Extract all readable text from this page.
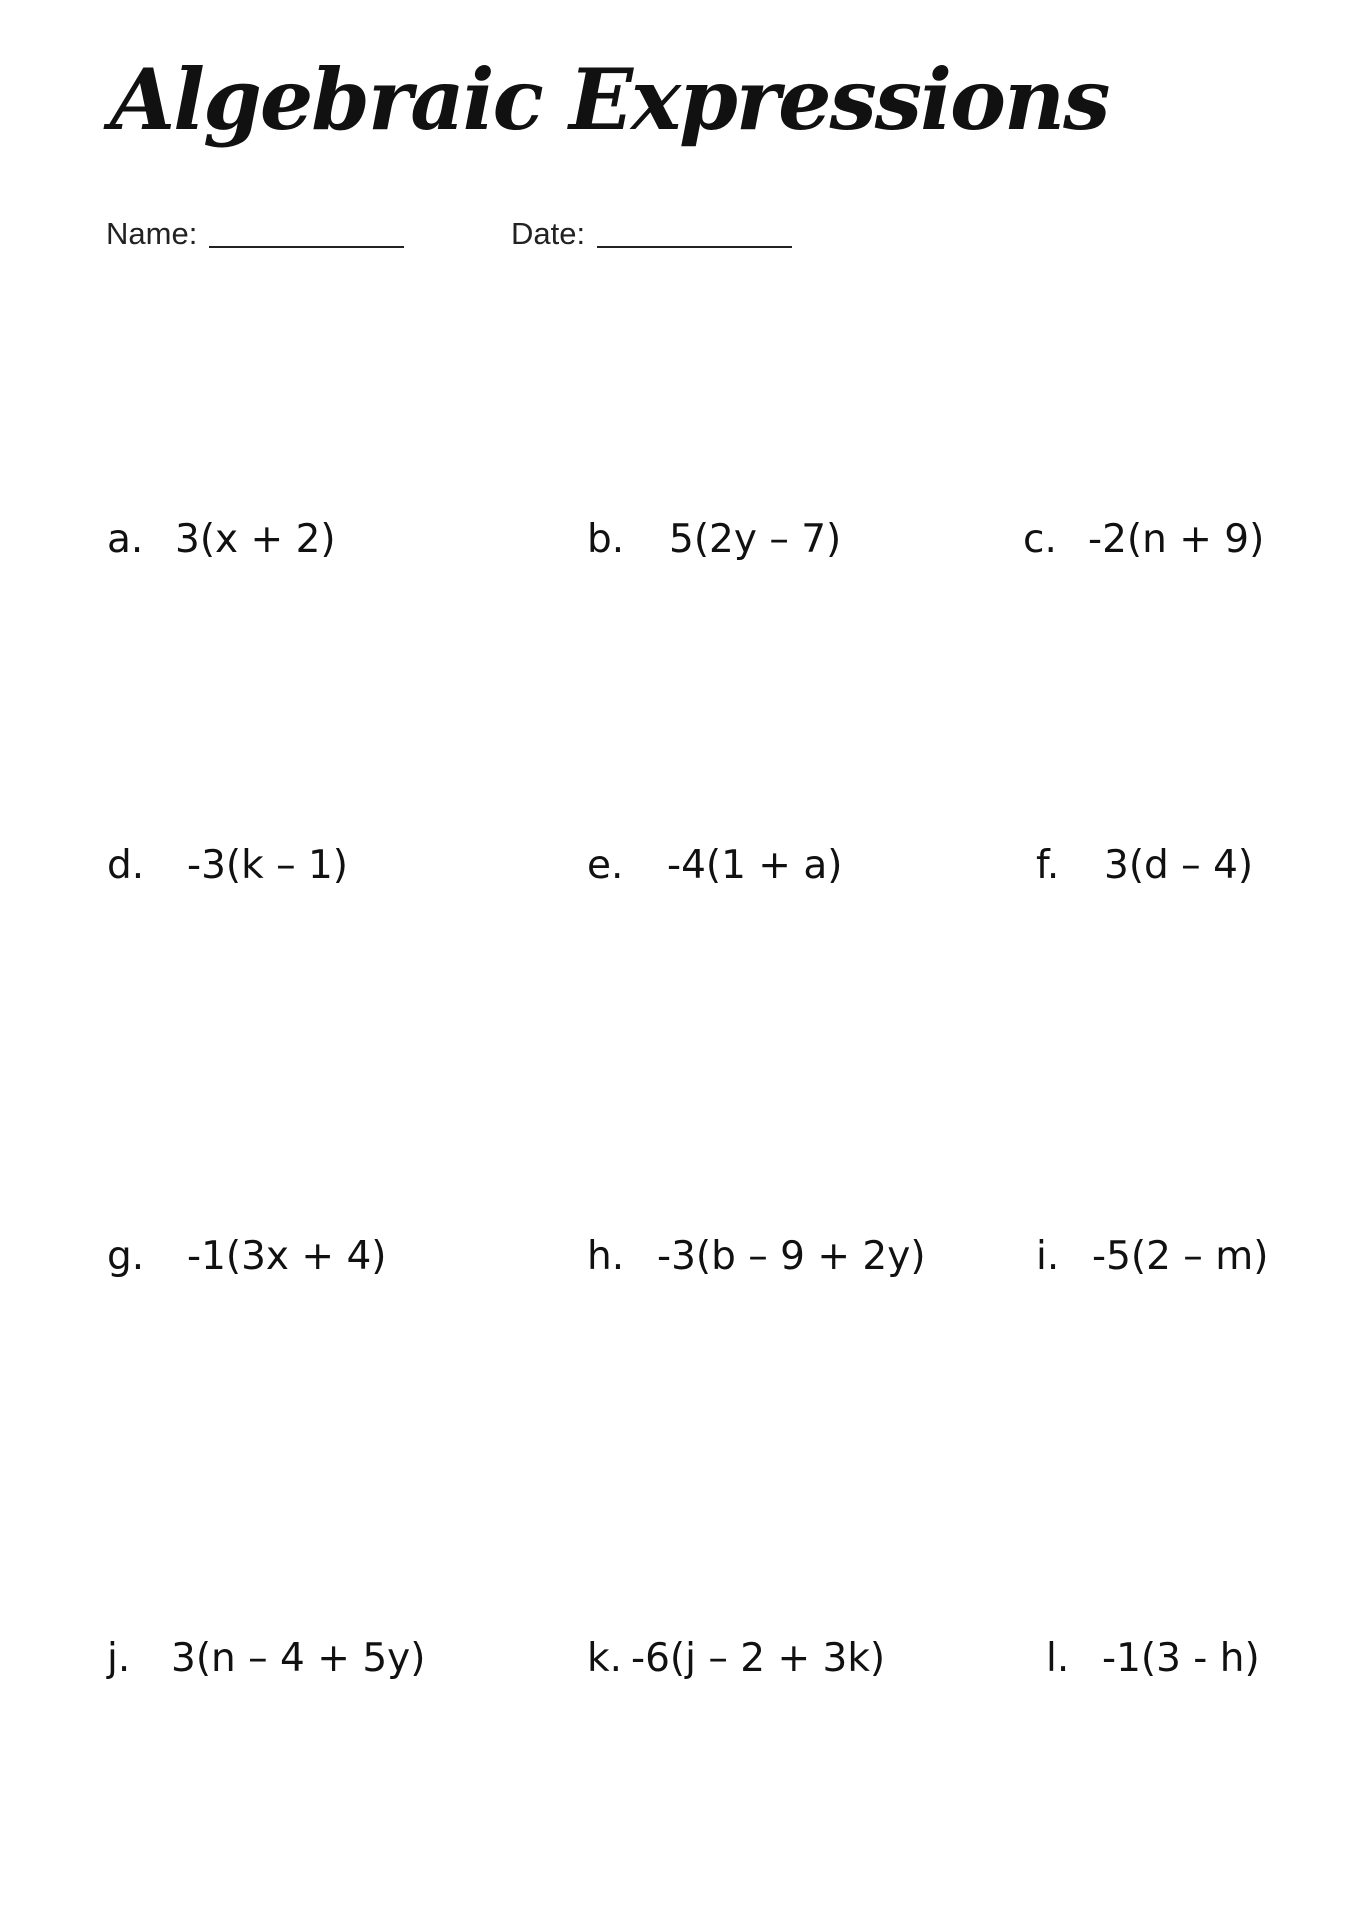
Algebraic Expressions
Name:	Date:
a. 3(x + 2)	b. 5(2y – 7)	c. -2(n + 9)
d. -3(k – 1)	e. -4(1 + a)	f. 3(d – 4)
g. -1(3x + 4)	h. -3(b – 9 + 2y)	i. -5(2 – m)
j. 3(n – 4 + 5y)	k. -6(j – 2 + 3k)	l. -1(3 - h)
